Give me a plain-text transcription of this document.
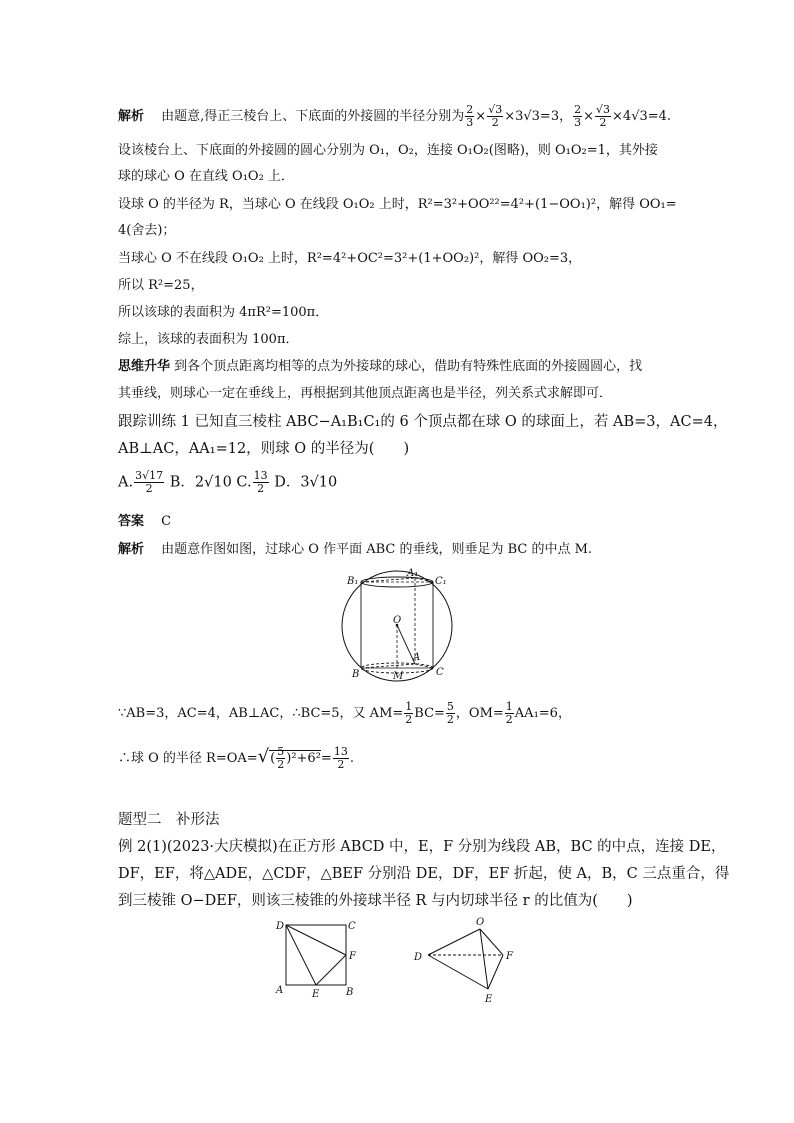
解析　 由题意,得正三棱台上、下底面的外接圆的半径分别为 $\frac{2}{3} \times \frac{√3}{2} \times 3√3=3$， $\frac{2}{3} \times \frac{√3}{2} \times 4√3=4$.
设该棱台上、下底面的外接圆的圆心分别为 O₁，O₂，连接 O₁O₂(图略)，则 O₁O₂=1，其外接
球的球心 O 在直线 O₁O₂ 上．
设球 O 的半径为 R，当球心 O 在线段 O₁O₂ 上时，R²=3²+OO²²=4²+(1−OO₁)²，解得 OO₁=
4(舍去)；
当球心 O 不在线段 O₁O₂ 上时，R²=4²+OC²=3²+(1+OO₂)²，解得 OO₂=3，
所以 R²=25，
所以该球的表面积为 4πR²=100π．
综上，该球的表面积为 100π．
思维升华 到各个顶点距离均相等的点为外接球的球心，借助有特殊性底面的外接圆圆心，找
其垂线，则球心一定在垂线上，再根据到其他顶点距离也是半径，列关系式求解即可．
跟踪训练 1 已知直三棱柱 ABC−A₁B₁C₁的 6 个顶点都在球 O 的球面上，若 AB=3，AC=4，
AB⊥AC，AA₁=12，则球 O 的半径为(　　)
A. $\frac{3√17}{2}$ B．2√10 C. $\frac{13}{2}$ D．3√10
答案　 C
解析　 由题意作图如图，过球心 O 作平面 ABC 的垂线，则垂足为 BC 的中点 M.
B₁
A₁
C₁
O
A
B	M	C
∵AB=3，AC=4，AB⊥AC，∴BC=5，又 $AM= \frac{1}{2} BC= \frac{5}{2}$ ，$OM= \frac{1}{2} AA_1=6$，
∴球 O 的半径 $R=OA=√( \frac{5}{2} )^2+6^2= \frac{13}{2}$ .
题型二　补形法
例 2(1)(2023·大庆模拟)在正方形 ABCD 中，E，F 分别为线段 AB，BC 的中点，连接 DE，
DF，EF，将△ADE，△CDF，△BEF 分别沿 DE，DF，EF 折起，使 A，B，C 三点重合，得
到三棱锥 O−DEF，则该三棱锥的外接球半径 R 与内切球半径 r 的比值为(　　)
D	C
F
A	E	B
O
D	F
E
